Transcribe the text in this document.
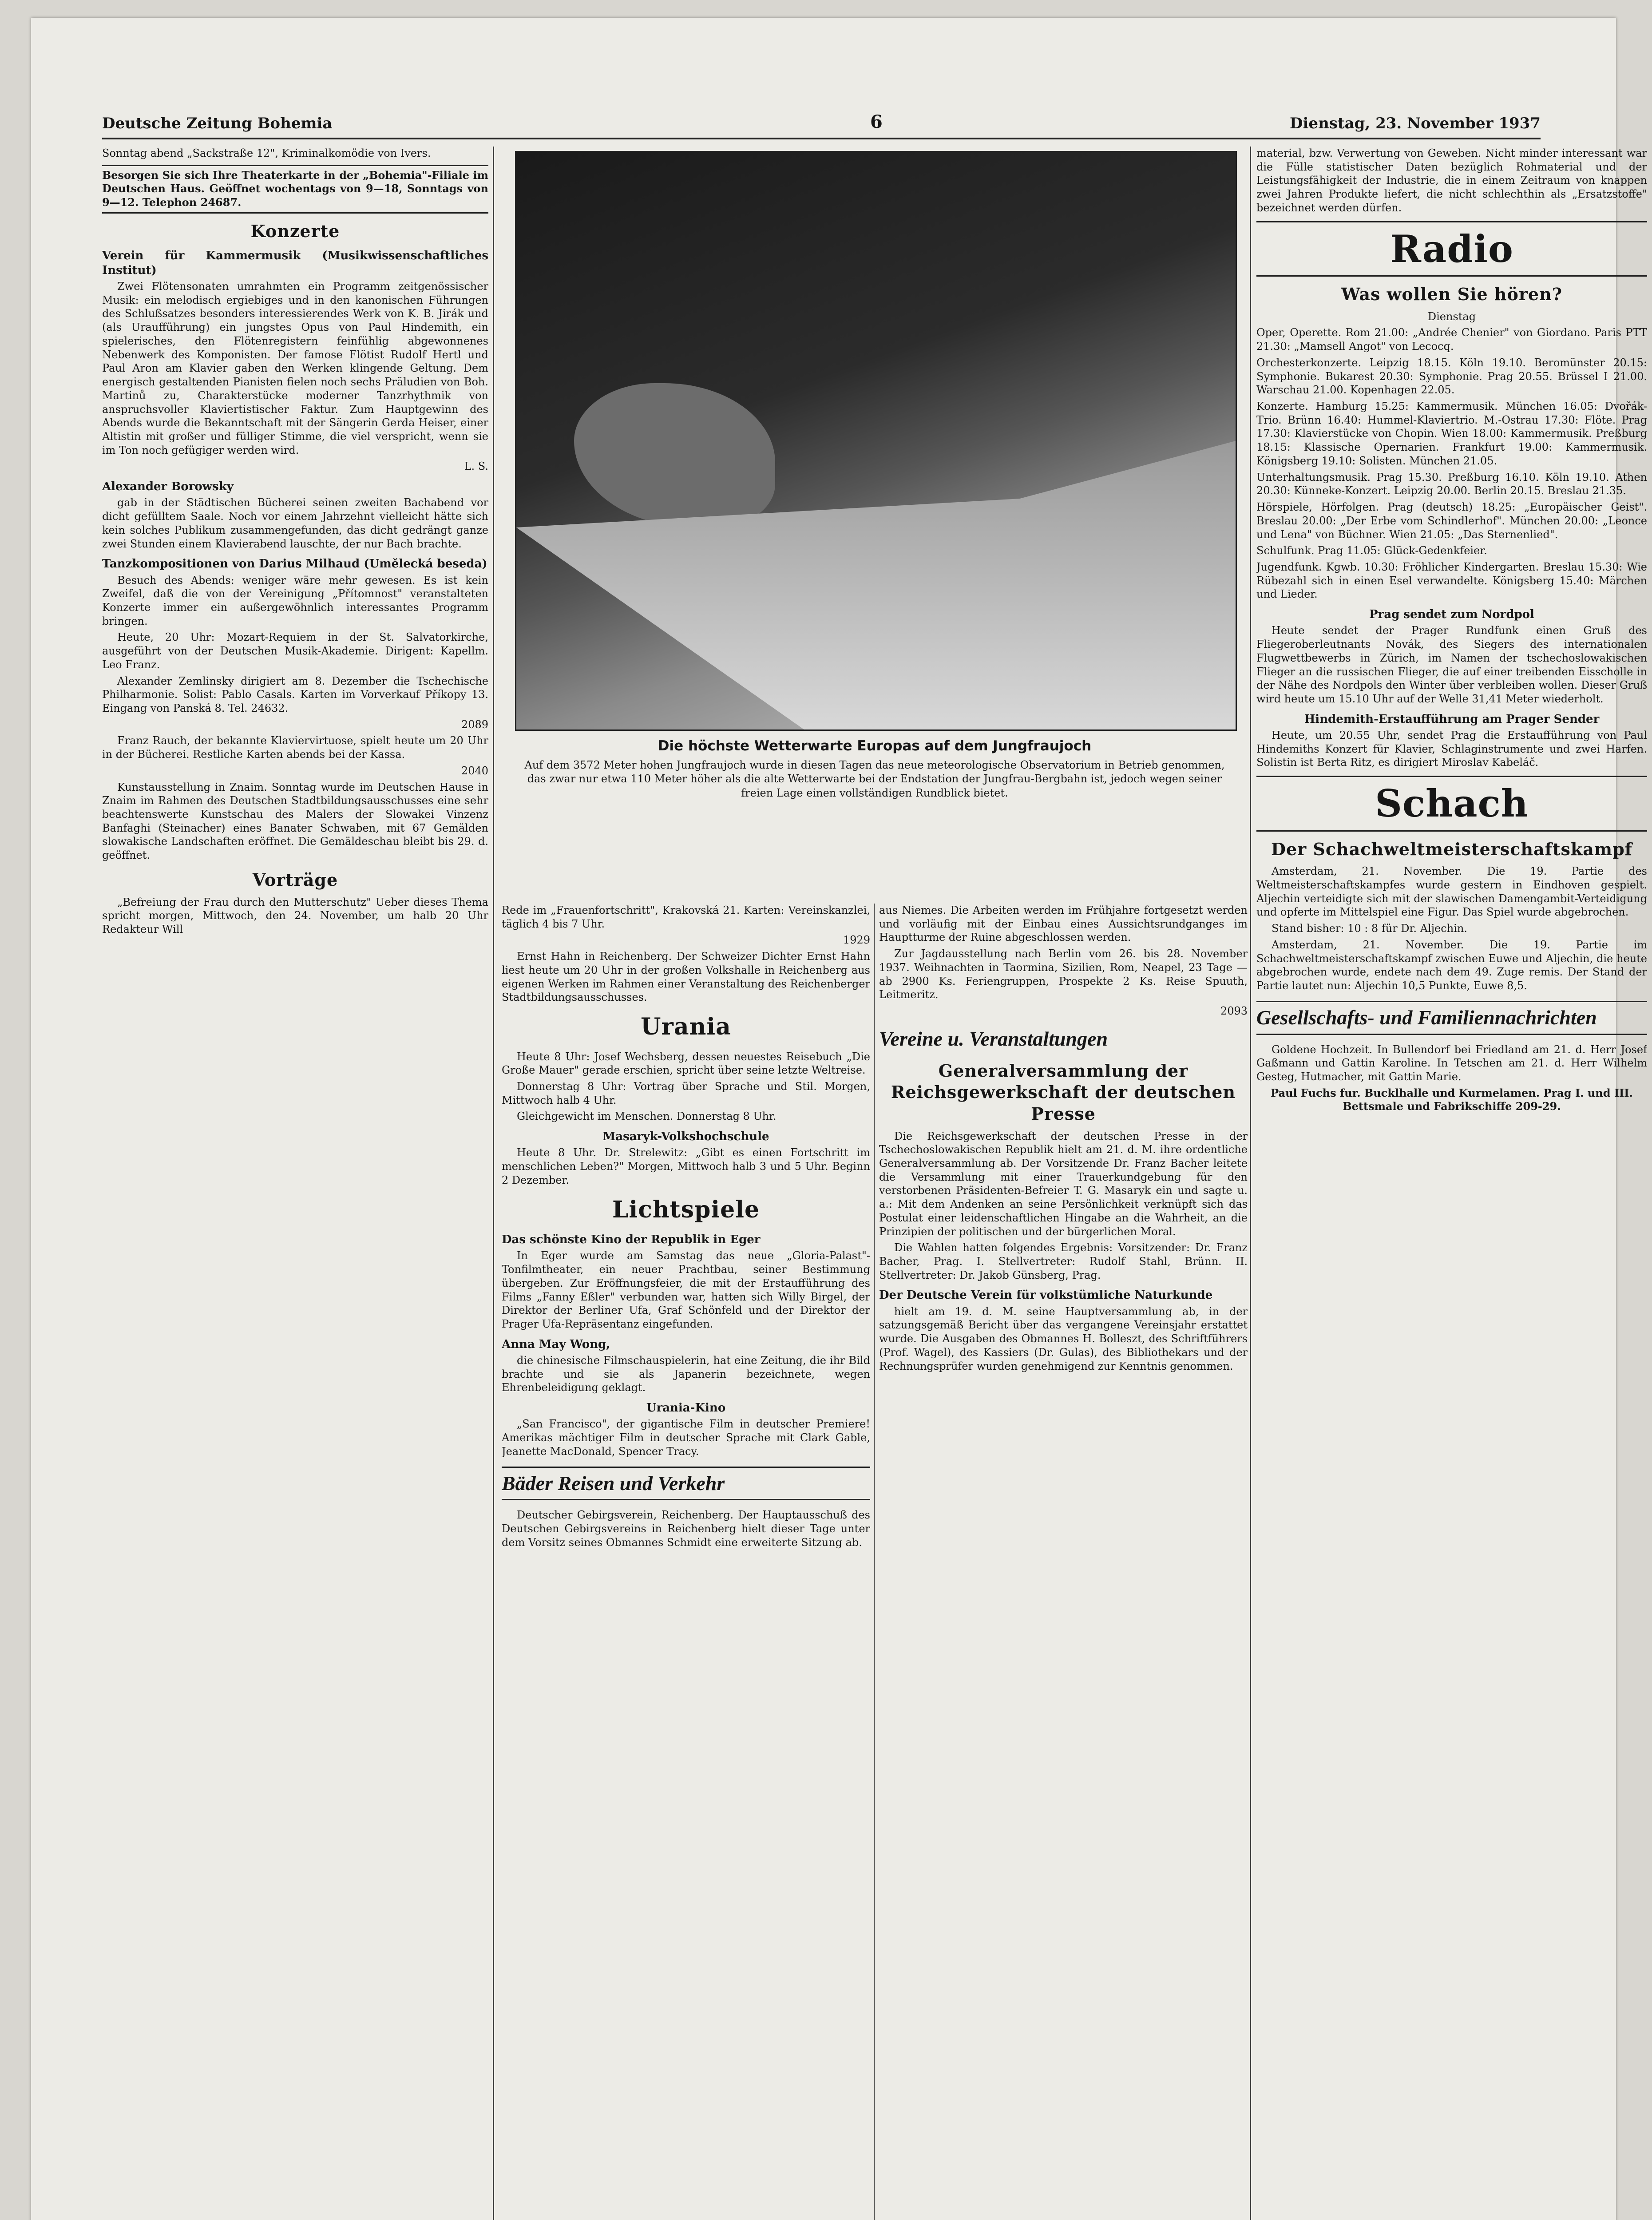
Deutsche Zeitung Bohemia	6	Dienstag, 23. November 1937

Sonntag abend „Sackstraße 12", Kriminalkomödie von Ivers.

Besorgen Sie sich Ihre Theaterkarte in der „Bohemia"-Filiale im Deutschen Haus. Geöffnet wochentags von 9—18, Sonntags von 9—12. Telephon 24687.

Konzerte
Verein für Kammermusik (Musikwissenschaftliches Institut)

Zwei Flötensonaten umrahmten ein Programm zeitgenössischer Musik: ein melodisch ergiebiges und in den kanonischen Führungen des Schlußsatzes besonders interessierendes Werk von K. B. Jirák und (als Uraufführung) ein jungstes Opus von Paul Hindemith, ein spielerisches, den Flötenregistern feinfühlig abgewonnenes Nebenwerk des Komponisten. Der famose Flötist Rudolf Hertl und Paul Aron am Klavier gaben den Werken klingende Geltung. Dem energisch gestaltenden Pianisten fielen noch sechs Präludien von Boh. Martinů zu, Charakterstücke moderner Tanzrhythmik von anspruchsvoller Klaviertistischer Faktur. Zum Hauptgewinn des Abends wurde die Bekanntschaft mit der Sängerin Gerda Heiser, einer Altistin mit großer und fülliger Stimme, die viel verspricht, wenn sie im Ton noch gefügiger werden wird.

L. S.

Alexander Borowsky

gab in der Städtischen Bücherei seinen zweiten Bachabend vor dicht gefülltem Saale. Noch vor einem Jahrzehnt vielleicht hätte sich kein solches Publikum zusammengefunden, das dicht gedrängt ganze zwei Stunden einem Klavierabend lauschte, der nur Bach brachte.

Tanzkompositionen von Darius Milhaud (Umělecká beseda)

Besuch des Abends: weniger wäre mehr gewesen. Es ist kein Zweifel, daß die von der Vereinigung „Přítomnost" veranstalteten Konzerte immer ein außergewöhnlich interessantes Programm bringen.

Heute, 20 Uhr: Mozart-Requiem in der St. Salvatorkirche, ausgeführt von der Deutschen Musik-Akademie. Dirigent: Kapellm. Leo Franz.

Alexander Zemlinsky dirigiert am 8. Dezember die Tschechische Philharmonie. Solist: Pablo Casals. Karten im Vorverkauf Příkopy 13. Eingang von Panská 8. Tel. 24632.

2089

Franz Rauch, der bekannte Klaviervirtuose, spielt heute um 20 Uhr in der Bücherei. Restliche Karten abends bei der Kassa.

2040

Kunstausstellung in Znaim. Sonntag wurde im Deutschen Hause in Znaim im Rahmen des Deutschen Stadtbildungsausschusses eine sehr beachtenswerte Kunstschau des Malers der Slowakei Vinzenz Banfaghi (Steinacher) eines Banater Schwaben, mit 67 Gemälden slowakische Landschaften eröffnet. Die Gemäldeschau bleibt bis 29. d. geöffnet.

Vorträge

„Befreiung der Frau durch den Mutterschutz" Ueber dieses Thema spricht morgen, Mittwoch, den 24. November, um halb 20 Uhr Redakteur Will

Die höchste Wetterwarte Europas auf dem Jungfraujoch
Auf dem 3572 Meter hohen Jungfraujoch wurde in diesen Tagen das neue meteorologische Observatorium in Betrieb genommen, das zwar nur etwa 110 Meter höher als die alte Wetterwarte bei der Endstation der Jungfrau-Bergbahn ist, jedoch wegen seiner freien Lage einen vollständigen Rundblick bietet.

Rede im „Frauenfortschritt", Krakovská 21. Karten: Vereinskanzlei, täglich 4 bis 7 Uhr.

1929

Ernst Hahn in Reichenberg. Der Schweizer Dichter Ernst Hahn liest heute um 20 Uhr in der großen Volkshalle in Reichenberg aus eigenen Werken im Rahmen einer Veranstaltung des Reichenberger Stadtbildungsausschusses.

Urania

Heute 8 Uhr: Josef Wechsberg, dessen neuestes Reisebuch „Die Große Mauer" gerade erschien, spricht über seine letzte Weltreise.

Donnerstag 8 Uhr: Vortrag über Sprache und Stil. Morgen, Mittwoch halb 4 Uhr.

Gleichgewicht im Menschen. Donnerstag 8 Uhr.

Masaryk-Volkshochschule

Heute 8 Uhr. Dr. Strelewitz: „Gibt es einen Fortschritt im menschlichen Leben?" Morgen, Mittwoch halb 3 und 5 Uhr. Beginn 2 Dezember.

Lichtspiele
Das schönste Kino der Republik in Eger

In Eger wurde am Samstag das neue „Gloria-Palast"-Tonfilmtheater, ein neuer Prachtbau, seiner Bestimmung übergeben. Zur Eröffnungsfeier, die mit der Erstaufführung des Films „Fanny Eßler" verbunden war, hatten sich Willy Birgel, der Direktor der Berliner Ufa, Graf Schönfeld und der Direktor der Prager Ufa-Repräsentanz eingefunden.

Anna May Wong,

die chinesische Filmschauspielerin, hat eine Zeitung, die ihr Bild brachte und sie als Japanerin bezeichnete, wegen Ehrenbeleidigung geklagt.

Urania-Kino

„San Francisco", der gigantische Film in deutscher Premiere! Amerikas mächtiger Film in deutscher Sprache mit Clark Gable, Jeanette MacDonald, Spencer Tracy.

Bäder Reisen und Verkehr

Deutscher Gebirgsverein, Reichenberg. Der Hauptausschuß des Deutschen Gebirgsvereins in Reichenberg hielt dieser Tage unter dem Vorsitz seines Obmannes Schmidt eine erweiterte Sitzung ab.

aus Niemes. Die Arbeiten werden im Frühjahre fortgesetzt werden und vorläufig mit der Einbau eines Aussichtsrundganges im Hauptturme der Ruine abgeschlossen werden.

Zur Jagdausstellung nach Berlin vom 26. bis 28. November 1937. Weihnachten in Taormina, Sizilien, Rom, Neapel, 23 Tage — ab 2900 Ks. Feriengruppen, Prospekte 2 Ks. Reise Spuuth, Leitmeritz.

2093

Vereine u. Veranstaltungen
Generalversammlung der Reichsgewerkschaft der deutschen Presse

Die Reichsgewerkschaft der deutschen Presse in der Tschechoslowakischen Republik hielt am 21. d. M. ihre ordentliche Generalversammlung ab. Der Vorsitzende Dr. Franz Bacher leitete die Versammlung mit einer Trauerkundgebung für den verstorbenen Präsidenten-Befreier T. G. Masaryk ein und sagte u. a.: Mit dem Andenken an seine Persönlichkeit verknüpft sich das Postulat einer leidenschaftlichen Hingabe an die Wahrheit, an die Prinzipien der politischen und der bürgerlichen Moral.

Die Wahlen hatten folgendes Ergebnis: Vorsitzender: Dr. Franz Bacher, Prag. I. Stellvertreter: Rudolf Stahl, Brünn. II. Stellvertreter: Dr. Jakob Günsberg, Prag.

Der Deutsche Verein für volkstümliche Naturkunde

hielt am 19. d. M. seine Hauptversammlung ab, in der satzungsgemäß Bericht über das vergangene Vereinsjahr erstattet wurde. Die Ausgaben des Obmannes H. Bolleszt, des Schriftführers (Prof. Wagel), des Kassiers (Dr. Gulas), des Bibliothekars und der Rechnungsprüfer wurden genehmigend zur Kenntnis genommen.

material, bzw. Verwertung von Geweben. Nicht minder interessant war die Fülle statistischer Daten bezüglich Rohmaterial und der Leistungsfähigkeit der Industrie, die in einem Zeitraum von knappen zwei Jahren Produkte liefert, die nicht schlechthin als „Ersatzstoffe" bezeichnet werden dürfen.

Radio
Was wollen Sie hören?

Dienstag

Oper, Operette. Rom 21.00: „Andrée Chenier" von Giordano. Paris PTT 21.30: „Mamsell Angot" von Lecocq.

Orchesterkonzerte. Leipzig 18.15. Köln 19.10. Beromünster 20.15: Symphonie. Bukarest 20.30: Symphonie. Prag 20.55. Brüssel I 21.00. Warschau 21.00. Kopenhagen 22.05.

Konzerte. Hamburg 15.25: Kammermusik. München 16.05: Dvořák-Trio. Brünn 16.40: Hummel-Klaviertrio. M.-Ostrau 17.30: Flöte. Prag 17.30: Klavierstücke von Chopin. Wien 18.00: Kammermusik. Preßburg 18.15: Klassische Opernarien. Frankfurt 19.00: Kammermusik. Königsberg 19.10: Solisten. München 21.05.

Unterhaltungsmusik. Prag 15.30. Preßburg 16.10. Köln 19.10. Athen 20.30: Künneke-Konzert. Leipzig 20.00. Berlin 20.15. Breslau 21.35.

Hörspiele, Hörfolgen. Prag (deutsch) 18.25: „Europäischer Geist". Breslau 20.00: „Der Erbe vom Schindlerhof". München 20.00: „Leonce und Lena" von Büchner. Wien 21.05: „Das Sternenlied".

Schulfunk. Prag 11.05: Glück-Gedenkfeier.

Jugendfunk. Kgwb. 10.30: Fröhlicher Kindergarten. Breslau 15.30: Wie Rübezahl sich in einen Esel verwandelte. Königsberg 15.40: Märchen und Lieder.

Prag sendet zum Nordpol

Heute sendet der Prager Rundfunk einen Gruß des Fliegeroberleutnants Novák, des Siegers des internationalen Flugwettbewerbs in Zürich, im Namen der tschechoslowakischen Flieger an die russischen Flieger, die auf einer treibenden Eisscholle in der Nähe des Nordpols den Winter über verbleiben wollen. Dieser Gruß wird heute um 15.10 Uhr auf der Welle 31,41 Meter wiederholt.

Hindemith-Erstaufführung am Prager Sender

Heute, um 20.55 Uhr, sendet Prag die Erstaufführung von Paul Hindemiths Konzert für Klavier, Schlaginstrumente und zwei Harfen. Solistin ist Berta Ritz, es dirigiert Miroslav Kabeláč.

Schach
Der Schachweltmeisterschaftskampf

Amsterdam, 21. November. Die 19. Partie des Weltmeisterschaftskampfes wurde gestern in Eindhoven gespielt. Aljechin verteidigte sich mit der slawischen Damengambit-Verteidigung und opferte im Mittelspiel eine Figur. Das Spiel wurde abgebrochen.

Stand bisher: 10 : 8 für Dr. Aljechin.

Amsterdam, 21. November. Die 19. Partie im Schachweltmeisterschaftskampf zwischen Euwe und Aljechin, die heute abgebrochen wurde, endete nach dem 49. Zuge remis. Der Stand der Partie lautet nun: Aljechin 10,5 Punkte, Euwe 8,5.

Gesellschafts- und Familiennachrichten

Goldene Hochzeit. In Bullendorf bei Friedland am 21. d. Herr Josef Gaßmann und Gattin Karoline. In Tetschen am 21. d. Herr Wilhelm Gesteg, Hutmacher, mit Gattin Marie.

Paul Fuchs fur. Bucklhalle und Kurmelamen. Prag I. und III. Bettsmale und Fabrikschiffe 209-29.
